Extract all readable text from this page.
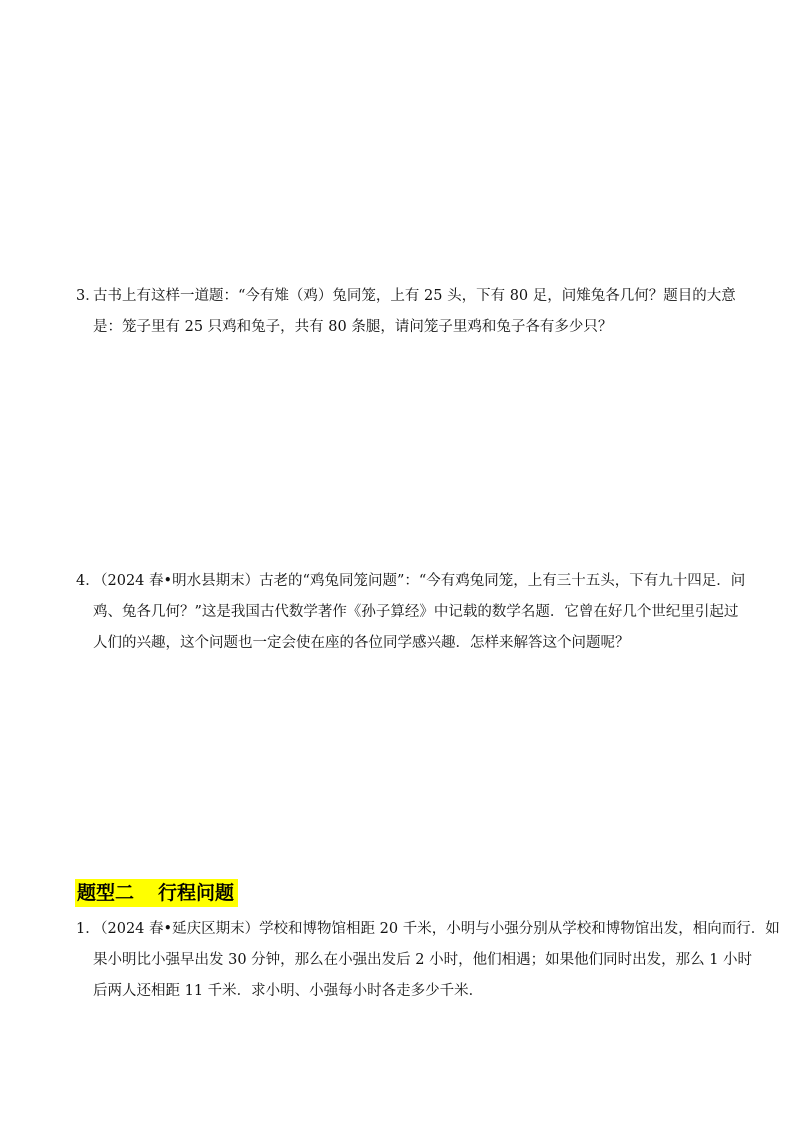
3．古书上有这样一道题：“今有雉（鸡）兔同笼，上有 25 头，下有 80 足，问雉兔各几何？题目的大意
是：笼子里有 25 只鸡和兔子，共有 80 条腿，请问笼子里鸡和兔子各有多少只？
4．（2024 春•明水县期末）古老的“鸡兔同笼问题”：“今有鸡兔同笼，上有三十五头，下有九十四足．问
鸡、兔各几何？”这是我国古代数学著作《孙子算经》中记载的数学名题．它曾在好几个世纪里引起过
人们的兴趣，这个问题也一定会使在座的各位同学感兴趣．怎样来解答这个问题呢？
题型二 行程问题
1．（2024 春•延庆区期末）学校和博物馆相距 20 千米，小明与小强分别从学校和博物馆出发，相向而行．如
果小明比小强早出发 30 分钟，那么在小强出发后 2 小时，他们相遇；如果他们同时出发，那么 1 小时
后两人还相距 11 千米．求小明、小强每小时各走多少千米．
